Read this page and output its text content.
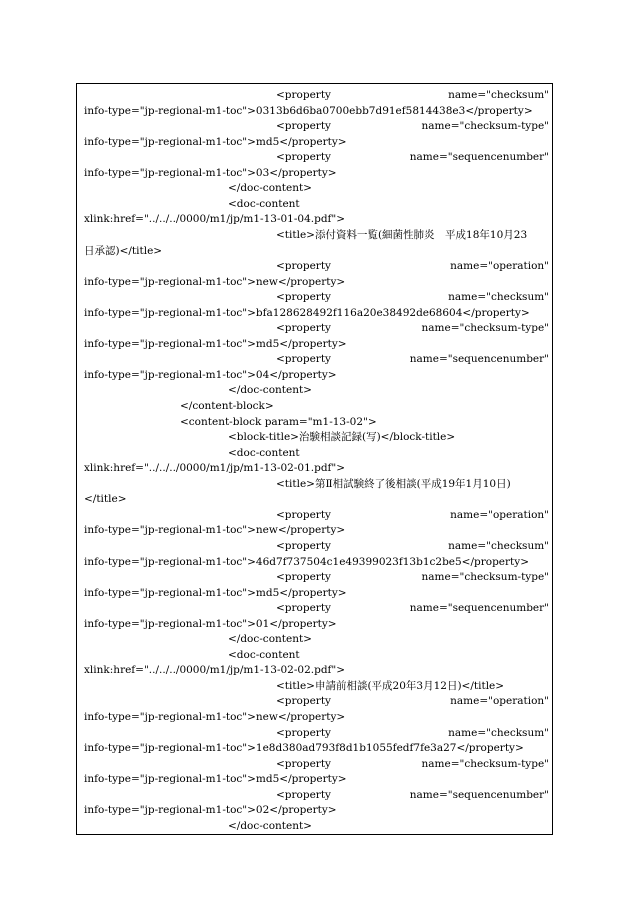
<property	name="checksum"
info-type="jp-regional-m1-toc">0313b6d6ba0700ebb7d91ef5814438e3</property>
<property	name="checksum-type"
info-type="jp-regional-m1-toc">md5</property>
<property	name="sequencenumber"
info-type="jp-regional-m1-toc">03</property>
</doc-content>
<doc-content
xlink:href="../../../0000/m1/jp/m1-13-01-04.pdf">
<title>添付資料一覧(細菌性肺炎　平成18年10月23
日承認)</title>
<property	name="operation"
info-type="jp-regional-m1-toc">new</property>
<property	name="checksum"
info-type="jp-regional-m1-toc">bfa128628492f116a20e38492de68604</property>
<property	name="checksum-type"
info-type="jp-regional-m1-toc">md5</property>
<property	name="sequencenumber"
info-type="jp-regional-m1-toc">04</property>
</doc-content>
</content-block>
<content-block param="m1-13-02">
<block-title>治験相談記録(写)</block-title>
<doc-content
xlink:href="../../../0000/m1/jp/m1-13-02-01.pdf">
<title>第Ⅱ相試験終了後相談(平成19年1月10日)
</title>
<property	name="operation"
info-type="jp-regional-m1-toc">new</property>
<property	name="checksum"
info-type="jp-regional-m1-toc">46d7f737504c1e49399023f13b1c2be5</property>
<property	name="checksum-type"
info-type="jp-regional-m1-toc">md5</property>
<property	name="sequencenumber"
info-type="jp-regional-m1-toc">01</property>
</doc-content>
<doc-content
xlink:href="../../../0000/m1/jp/m1-13-02-02.pdf">
<title>申請前相談(平成20年3月12日)</title>
<property	name="operation"
info-type="jp-regional-m1-toc">new</property>
<property	name="checksum"
info-type="jp-regional-m1-toc">1e8d380ad793f8d1b1055fedf7fe3a27</property>
<property	name="checksum-type"
info-type="jp-regional-m1-toc">md5</property>
<property	name="sequencenumber"
info-type="jp-regional-m1-toc">02</property>
</doc-content>
